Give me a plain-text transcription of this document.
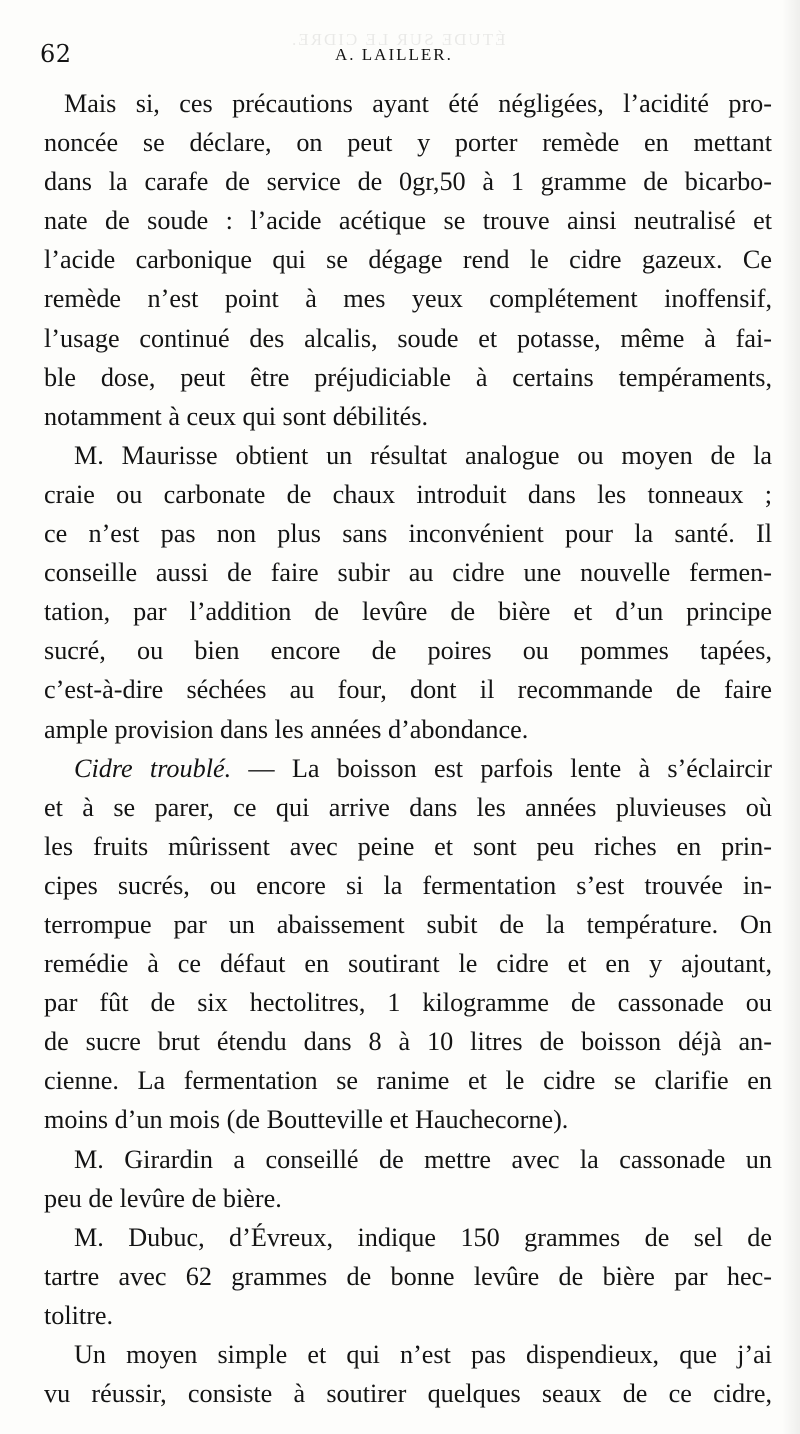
ÉTUDE SUR LE CIDRE.
62	A. LAILLER.
Mais si, ces précautions ayant été négligées, l’acidité pro-
noncée se déclare, on peut y porter remède en mettant
dans la carafe de service de 0gr,50 à 1 gramme de bicarbo-
nate de soude : l’acide acétique se trouve ainsi neutralisé et
l’acide carbonique qui se dégage rend le cidre gazeux. Ce
remède n’est point à mes yeux complétement inoffensif,
l’usage continué des alcalis, soude et potasse, même à fai-
ble dose, peut être préjudiciable à certains tempéraments,
notamment à ceux qui sont débilités.
M. Maurisse obtient un résultat analogue ou moyen de la
craie ou carbonate de chaux introduit dans les tonneaux ;
ce n’est pas non plus sans inconvénient pour la santé. Il
conseille aussi de faire subir au cidre une nouvelle fermen-
tation, par l’addition de levûre de bière et d’un principe
sucré, ou bien encore de poires ou pommes tapées,
c’est-à-dire séchées au four, dont il recommande de faire
ample provision dans les années d’abondance.
Cidre troublé. — La boisson est parfois lente à s’éclaircir
et à se parer, ce qui arrive dans les années pluvieuses où
les fruits mûrissent avec peine et sont peu riches en prin-
cipes sucrés, ou encore si la fermentation s’est trouvée in-
terrompue par un abaissement subit de la température. On
remédie à ce défaut en soutirant le cidre et en y ajoutant,
par fût de six hectolitres, 1 kilogramme de cassonade ou
de sucre brut étendu dans 8 à 10 litres de boisson déjà an-
cienne. La fermentation se ranime et le cidre se clarifie en
moins d’un mois (de Boutteville et Hauchecorne).
M. Girardin a conseillé de mettre avec la cassonade un
peu de levûre de bière.
M. Dubuc, d’Évreux, indique 150 grammes de sel de
tartre avec 62 grammes de bonne levûre de bière par hec-
tolitre.
Un moyen simple et qui n’est pas dispendieux, que j’ai
vu réussir, consiste à soutirer quelques seaux de ce cidre,
